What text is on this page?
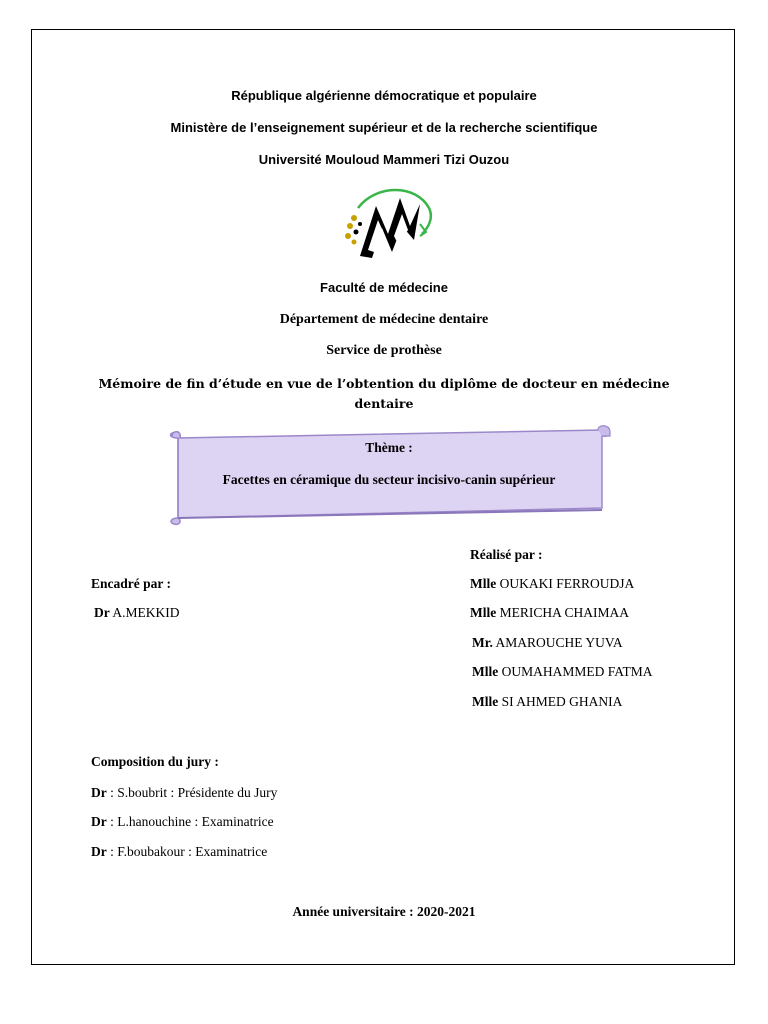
République algérienne démocratique et populaire
Ministère de l’enseignement supérieur et de la recherche scientifique
Université Mouloud Mammeri Tizi Ouzou
Faculté de médecine
Département de médecine dentaire
Service de prothèse
Mémoire de fin d’étude en vue de l’obtention du diplôme de docteur en médecine
dentaire
Thème :
Facettes en céramique du secteur incisivo-canin supérieur
Réalisé par :
Mlle OUKAKI FERROUDJA
Mlle MERICHA CHAIMAA
Mr. AMAROUCHE YUVA
Mlle OUMAHAMMED FATMA
Mlle SI AHMED GHANIA
Encadré par :
Dr A.MEKKID
Composition du jury :
Dr : S.boubrit : Présidente du Jury
Dr : L.hanouchine : Examinatrice
Dr : F.boubakour : Examinatrice
Année universitaire : 2020-2021
